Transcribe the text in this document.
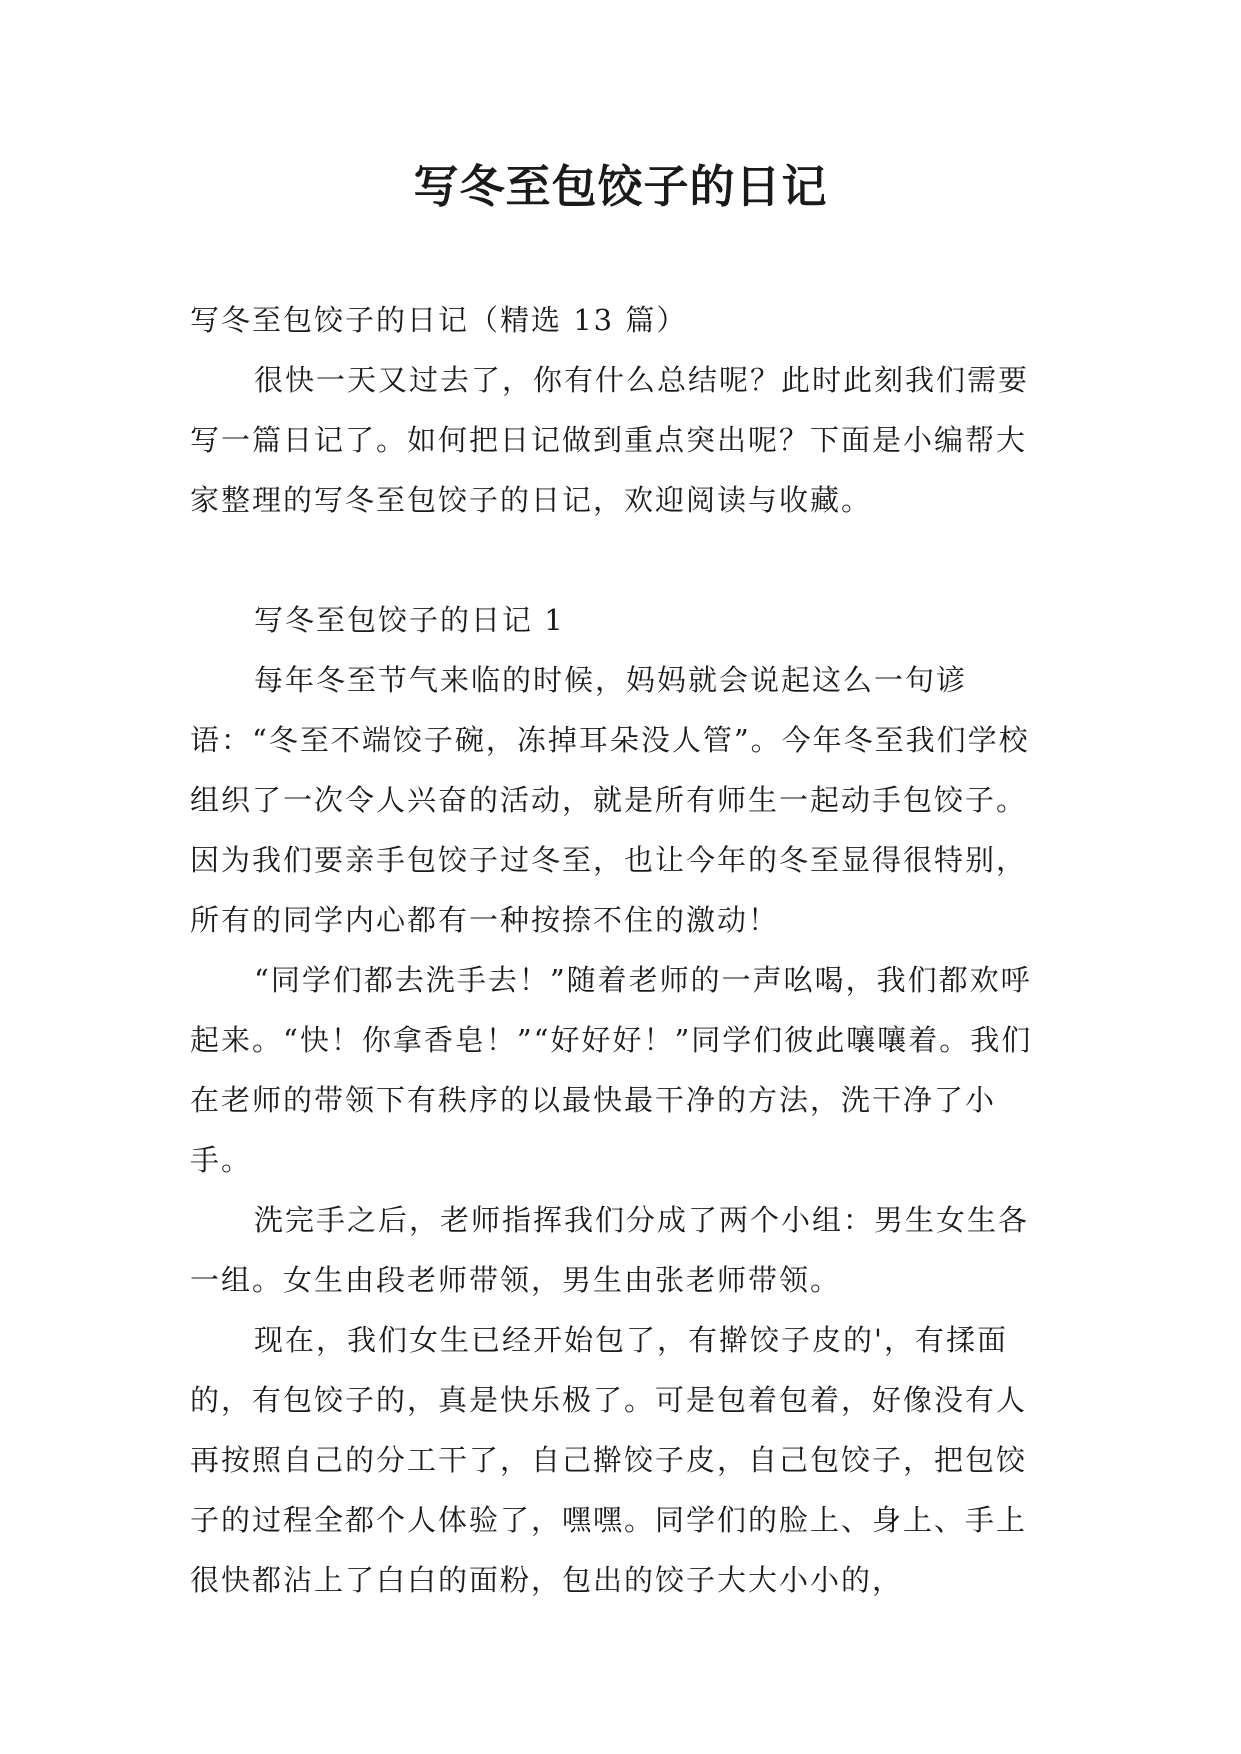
写冬至包饺子的日记

写冬至包饺子的日记（精选 13 篇）

很快一天又过去了，你有什么总结呢？此时此刻我们需要写一篇日记了。如何把日记做到重点突出呢？下面是小编帮大家整理的写冬至包饺子的日记，欢迎阅读与收藏。

写冬至包饺子的日记 1

每年冬至节气来临的时候，妈妈就会说起这么一句谚语：“冬至不端饺子碗，冻掉耳朵没人管”。今年冬至我们学校组织了一次令人兴奋的活动，就是所有师生一起动手包饺子。因为我们要亲手包饺子过冬至，也让今年的冬至显得很特别，所有的同学内心都有一种按捺不住的激动！

“同学们都去洗手去！”随着老师的一声吆喝，我们都欢呼起来。“快！你拿香皂！”“好好好！”同学们彼此嚷嚷着。我们在老师的带领下有秩序的以最快最干净的方法，洗干净了小手。

洗完手之后，老师指挥我们分成了两个小组：男生女生各一组。女生由段老师带领，男生由张老师带领。

现在，我们女生已经开始包了，有擀饺子皮的'，有揉面的，有包饺子的，真是快乐极了。可是包着包着，好像没有人再按照自己的分工干了，自己擀饺子皮，自己包饺子，把包饺子的过程全都个人体验了，嘿嘿。同学们的脸上、身上、手上很快都沾上了白白的面粉，包出的饺子大大小小的，
